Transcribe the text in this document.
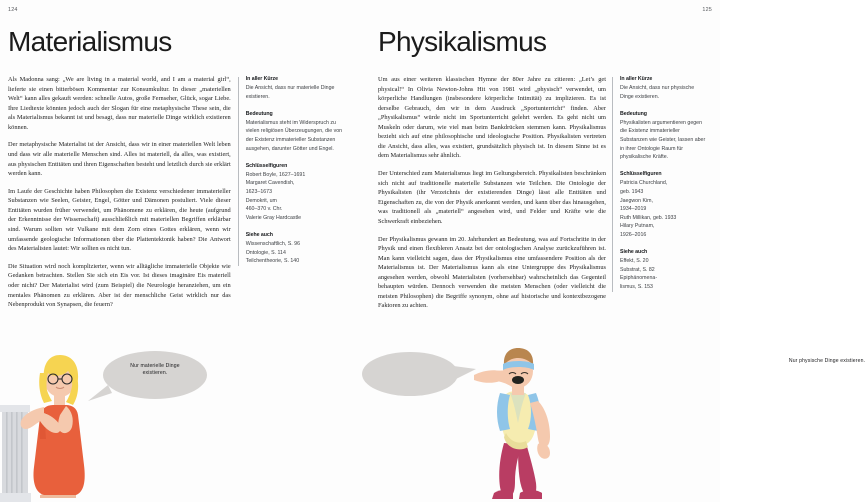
124
Materialismus

Als Madonna sang: „We are living in a material world, and I am a material girl“, lieferte sie einen bitterbösen Kommentar zur Konsumkultur. In dieser „materiellen Welt“ kann alles gekauft werden: schnelle Autos, große Fernseher, Glück, sogar Liebe. Ihre Liedtexte könnten jedoch auch der Slogan für eine metaphysische These sein, die als Materialismus bekannt ist und besagt, dass nur materielle Dinge wirklich existieren können.

Der metaphysische Materialist ist der Ansicht, dass wir in einer materiellen Welt leben und dass wir alle materielle Menschen sind. Alles ist materiell, da alles, was existiert, aus physischen Entitäten und ihren Eigenschaften besteht und letztlich durch sie erklärt werden kann.

Im Laufe der Geschichte haben Philosophen die Existenz verschiedener immaterieller Substanzen wie Seelen, Geister, Engel, Götter und Dämonen postuliert. Viele dieser Entitäten wurden früher verwendet, um Phänomene zu erklären, die heute (aufgrund der Erkenntnisse der Wissenschaft) ausschließlich mit materiellen Begriffen erklärbar sind. Warum sollten wir Vulkane mit dem Zorn eines Gottes erklären, wenn wir umfassende geologische Informationen über die Plattentektonik haben? Die Antwort des Materialisten lautet: Wir sollten es nicht tun.

Die Situation wird noch komplizierter, wenn wir alltägliche immaterielle Objekte wie Gedanken betrachten. Stellen Sie sich ein Eis vor. Ist dieses imaginäre Eis materiell oder nicht? Der Materialist wird (zum Beispiel) die Neurologie heranziehen, um ein mentales Phänomen zu erklären. Aber ist der menschliche Geist wirklich nur das Nebenprodukt von Synapsen, die feuern?

In aller Kürze
Die Ansicht, dass nur materielle Dinge existieren.
Bedeutung
Materialismus steht im Widerspruch zu vielen religiösen Überzeugungen, die von der Existenz immaterieller Substanzen ausgehen, darunter Götter und Engel.
Schlüsselfiguren
Robert Boyle, 1627–1691
Margaret Cavendish,
1623–1673
Demokrit, um
460–370 v. Chr.
Valerie Gray Hardcastle
Siehe auch
Wissenschaftlich, S. 96
Ontologie, S. 114
Teilchentheorie, S. 140
Nur materielle Dinge existieren.
125
Physikalismus

Um aus einer weiteren klassischen Hymne der 80er Jahre zu zitieren: „Let’s get physical!“ In Olivia Newton-Johns Hit von 1981 wird „physisch“ verwendet, um körperliche Handlungen (insbesondere körperliche Intimität) zu implizieren. Es ist derselbe Gebrauch, den wir in dem Ausdruck „Sportunterricht“ finden. Aber „Physikalismus“ würde nicht im Sportunterricht gelehrt werden. Es geht nicht um Muskeln oder darum, wie viel man beim Bankdrücken stemmen kann. Physikalismus bezieht sich auf eine philosophische und ideologische Position. Physikalisten vertreten die Ansicht, dass alles, was existiert, grundsätzlich physisch ist. In diesem Sinne ist es dem Materialismus sehr ähnlich.

Der Unterschied zum Materialismus liegt im Geltungsbereich. Physikalisten beschränken sich nicht auf traditionelle materielle Substanzen wie Teilchen. Die Ontologie der Physikalisten (ihr Verzeichnis der existierenden Dinge) lässt alle Entitäten und Eigenschaften zu, die von der Physik anerkannt werden, und kann über das hinausgehen, was traditionell als „materiell“ angesehen wird, und Felder und Kräfte wie die Schwerkraft einbeziehen.

Der Physikalismus gewann im 20. Jahrhundert an Bedeutung, was auf Fortschritte in der Physik und einen flexibleren Ansatz bei der ontologischen Analyse zurückzuführen ist. Man kann vielleicht sagen, dass der Physikalismus eine umfassendere Position als der Materialismus ist. Der Materialismus kann als eine Untergruppe des Physikalismus angesehen werden, obwohl Materialisten (vorhersehbar) wahrscheinlich das Gegenteil behaupten würden. Dennoch verwenden die meisten Menschen (oder vielleicht die meisten Philosophen) die Begriffe synonym, ohne auf historische und kontextbezogene Faktoren zu achten.

In aller Kürze
Die Ansicht, dass nur physische Dinge existieren.
Bedeutung
Physikalisten argumentieren gegen die Existenz immaterieller Substanzen wie Geister, lassen aber in ihrer Ontologie Raum für physikalische Kräfte.
Schlüsselfiguren
Patricia Churchland,
geb. 1943
Jaegwon Kim,
1934–2019
Ruth Millikan, geb. 1933
Hilary Putnam,
1926–2016
Siehe auch
Effekt, S. 20
Substrat, S. 82
Epiphänomena-
lismus, S. 153
Nur physische Dinge existieren.
